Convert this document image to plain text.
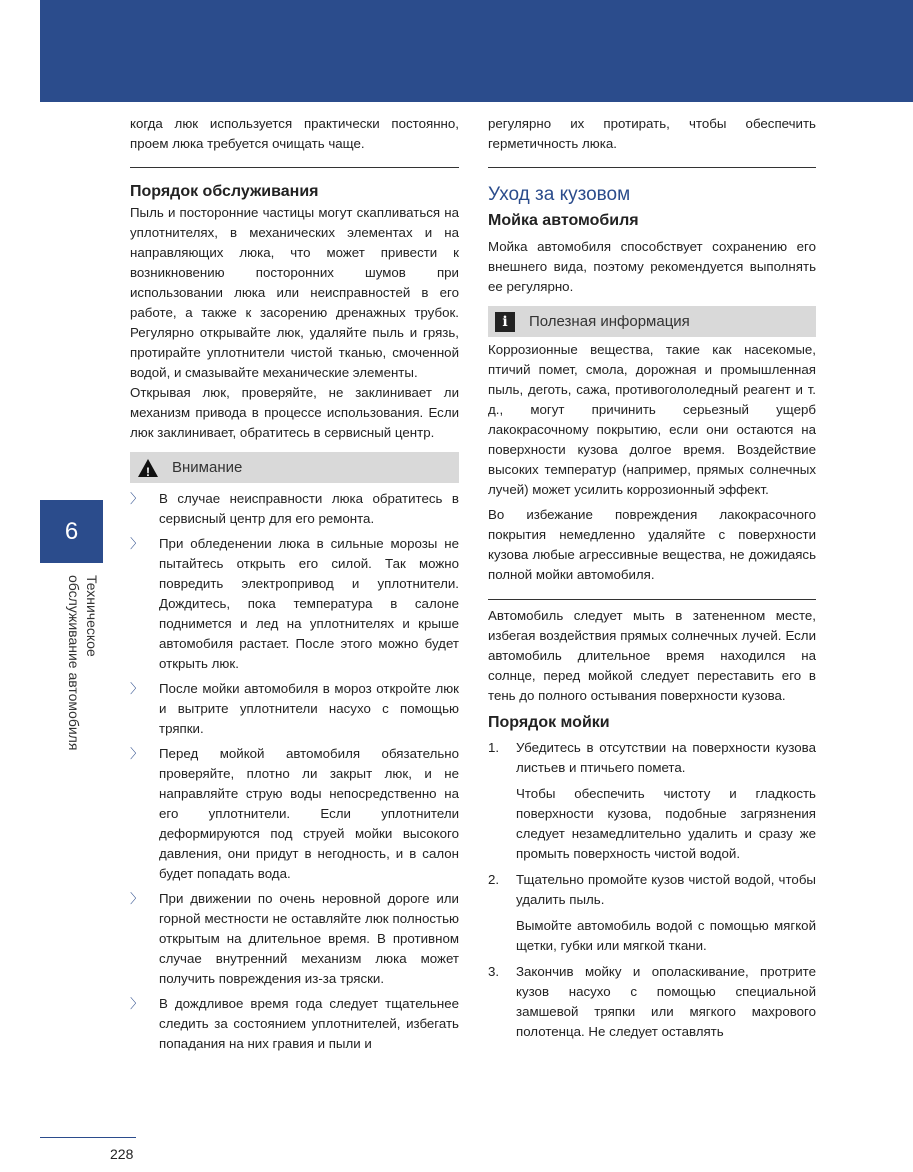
когда люк используется практически постоянно, проем люка требуется очищать чаще.

Порядок обслуживания

Пыль и посторонние частицы могут скапливаться на уплотнителях, в механических элементах и на направляющих люка, что может привести к возникновению посторонних шумов при использовании люка или неисправностей в его работе, а также к засорению дренажных трубок. Регулярно открывайте люк, удаляйте пыль и грязь, протирайте уплотнители чистой тканью, смоченной водой, и смазывайте механические элементы.

Открывая люк, проверяйте, не заклинивает ли механизм привода в процессе использования. Если люк заклинивает, обратитесь в сервисный центр.

! Внимание
〉	В случае неисправности люка обратитесь в сервисный центр для его ремонта.
〉	При обледенении люка в сильные морозы не пытайтесь открыть его силой. Так можно повредить электропривод и уплотнители. Дождитесь, пока температура в салоне поднимется и лед на уплотнителях и крыше автомобиля растает. После этого можно будет открыть люк.
〉	После мойки автомобиля в мороз откройте люк и вытрите уплотнители насухо с помощью тряпки.
〉	Перед мойкой автомобиля обязательно проверяйте, плотно ли закрыт люк, и не направляйте струю воды непосредственно на его уплотнители. Если уплотнители деформируются под струей мойки высокого давления, они придут в негодность, и в салон будет попадать вода.
〉	При движении по очень неровной дороге или горной местности не оставляйте люк полностью открытым на длительное время. В противном случае внутренний механизм люка может получить повреждения из-за тряски.
〉	В дождливое время года следует тщательнее следить за состоянием уплотнителей, избегать попадания на них гравия и пыли и

регулярно их протирать, чтобы обеспечить герметичность люка.

Уход за кузовом
Мойка автомобиля

Мойка автомобиля способствует сохранению его внешнего вида, поэтому рекомендуется выполнять ее регулярно.

i	Полезная информация

Коррозионные вещества, такие как насекомые, птичий помет, смола, дорожная и промышленная пыль, деготь, сажа, противогололедный реагент и т. д., могут причинить серьезный ущерб лакокрасочному покрытию, если они остаются на поверхности кузова долгое время. Воздействие высоких температур (например, прямых солнечных лучей) может усилить коррозионный эффект.

Во избежание повреждения лакокрасочного покрытия немедленно удаляйте с поверхности кузова любые агрессивные вещества, не дожидаясь полной мойки автомобиля.

Автомобиль следует мыть в затененном месте, избегая воздействия прямых солнечных лучей. Если автомобиль длительное время находился на солнце, перед мойкой следует переставить его в тень до полного остывания поверхности кузова.

Порядок мойки
1.	Убедитесь в отсутствии на поверхности кузова листьев и птичьего помета.

Чтобы обеспечить чистоту и гладкость поверхности кузова, подобные загрязнения следует незамедлительно удалить и сразу же промыть поверхность чистой водой.

2.	Тщательно промойте кузов чистой водой, чтобы удалить пыль.

Вымойте автомобиль водой с помощью мягкой щетки, губки или мягкой ткани.

3.	Закончив мойку и ополаскивание, протрите кузов насухо с помощью специальной замшевой тряпки или мягкого махрового полотенца. Не следует оставлять
6
Техническое
обслуживание автомобиля
228
